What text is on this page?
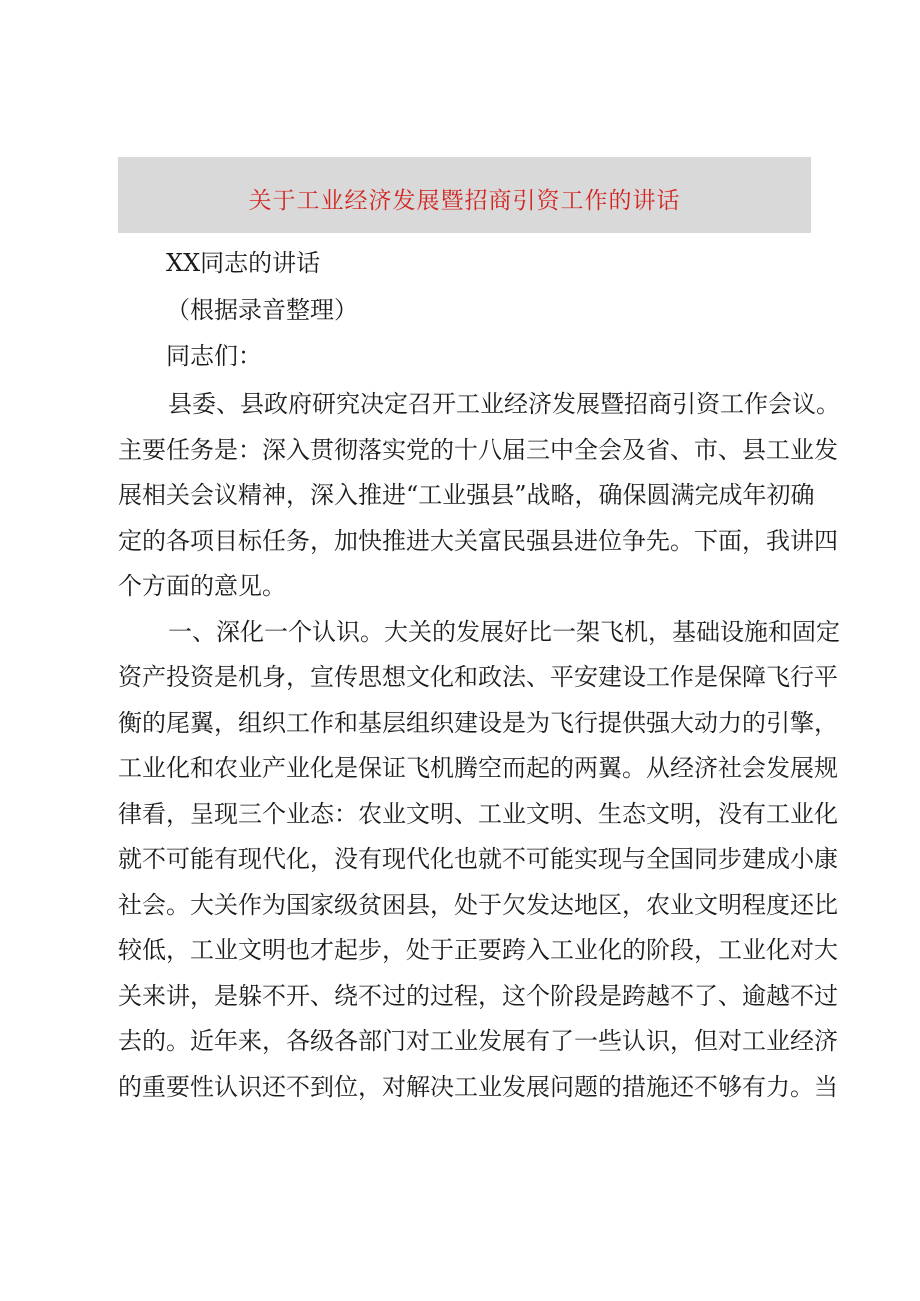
关于工业经济发展暨招商引资工作的讲话
XX同志的讲话
（根据录音整理）
同志们：
　县委、县政府研究决定召开工业经济发展暨招商引资工作会议。
主要任务是：深入贯彻落实党的十八届三中全会及省、市、县工业发
展相关会议精神，深入推进“工业强县”战略，确保圆满完成年初确
定的各项目标任务，加快推进大关富民强县进位争先。下面，我讲四
个方面的意见。
　一、深化一个认识。大关的发展好比一架飞机，基础设施和固定
资产投资是机身，宣传思想文化和政法、平安建设工作是保障飞行平
衡的尾翼，组织工作和基层组织建设是为飞行提供强大动力的引擎，
工业化和农业产业化是保证飞机腾空而起的两翼。从经济社会发展规
律看，呈现三个业态：农业文明、工业文明、生态文明，没有工业化
就不可能有现代化，没有现代化也就不可能实现与全国同步建成小康
社会。大关作为国家级贫困县，处于欠发达地区，农业文明程度还比
较低，工业文明也才起步，处于正要跨入工业化的阶段，工业化对大
关来讲，是躲不开、绕不过的过程，这个阶段是跨越不了、逾越不过
去的。近年来，各级各部门对工业发展有了一些认识，但对工业经济
的重要性认识还不到位，对解决工业发展问题的措施还不够有力。当
